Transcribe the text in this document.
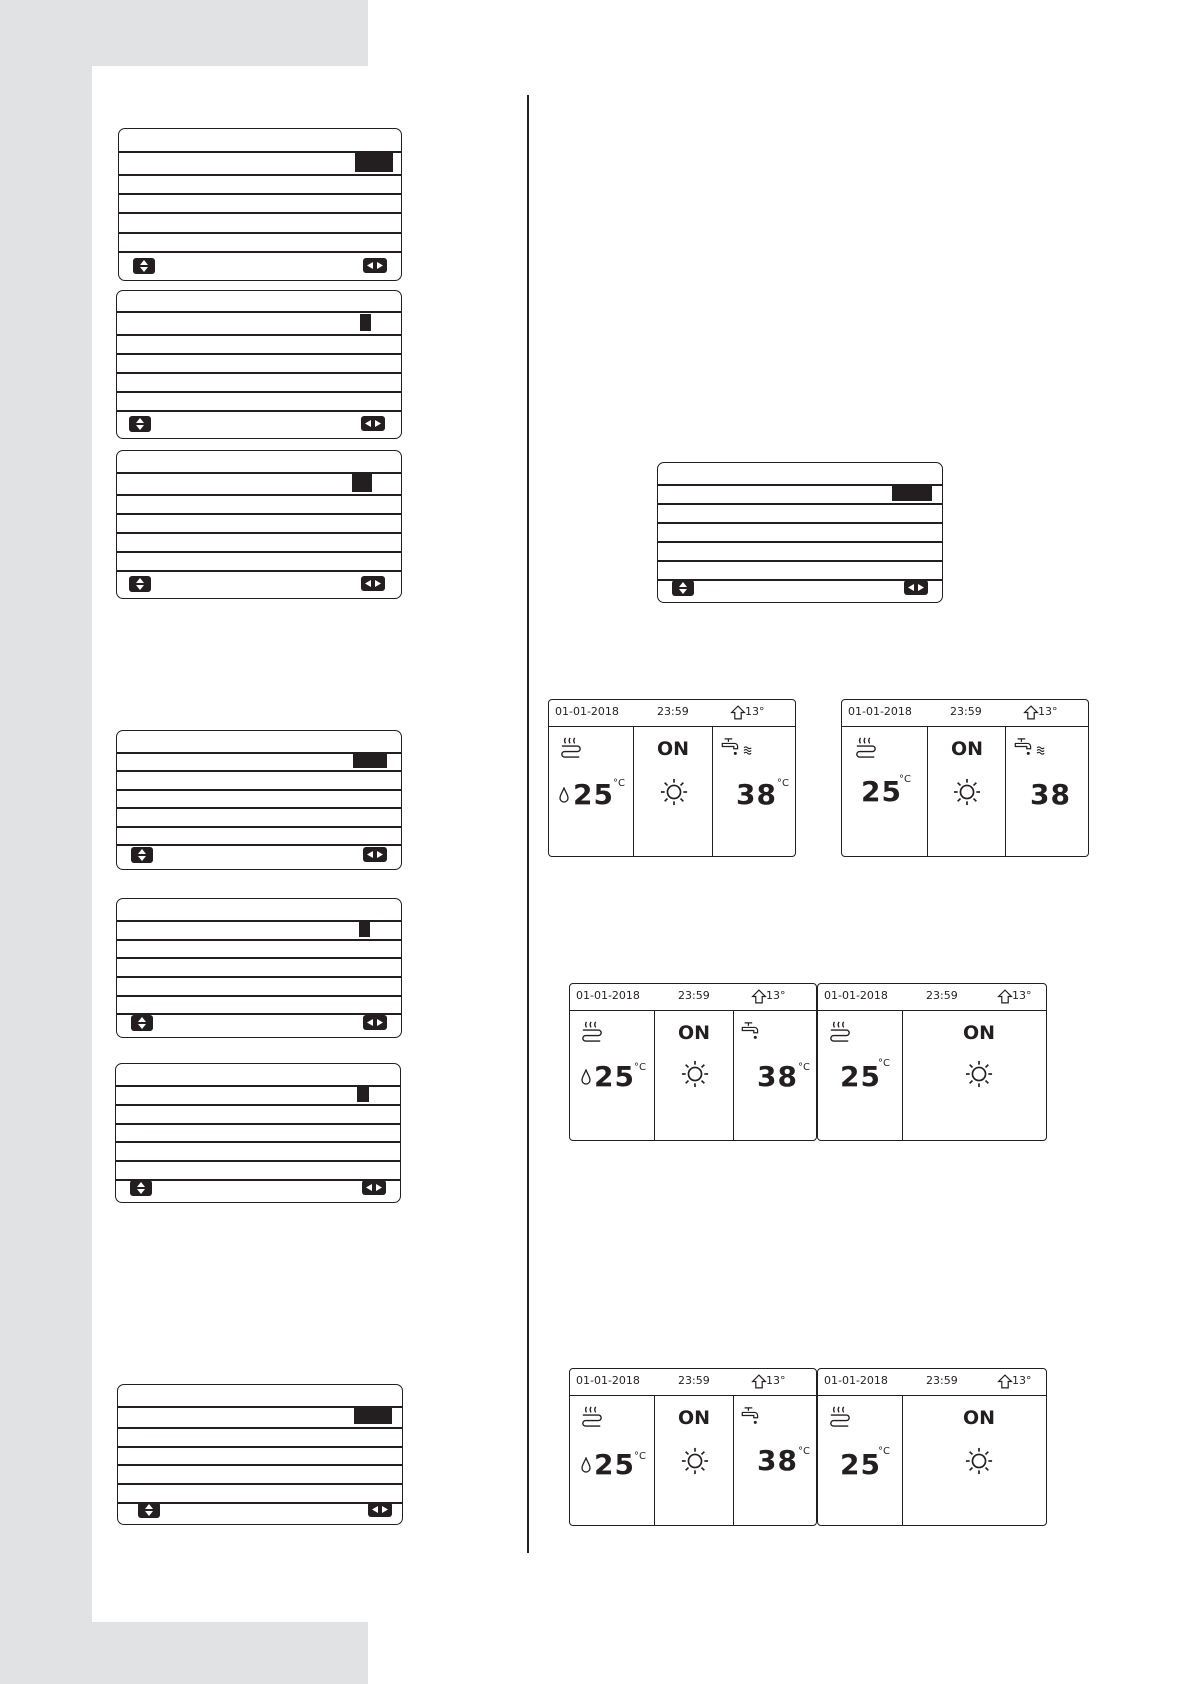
01-01-2018	23:59	13°
25 °C
ON
38 °C
01-01-2018	23:59	13°
25
°C
ON
38
01-01-2018	23:59	13°
25 °C
ON
38 °C
01-01-2018	23:59	13°
25
°C
ON
01-01-2018	23:59	13°
25 °C
ON
38 °C
01-01-2018	23:59	13°
25
°C
ON
